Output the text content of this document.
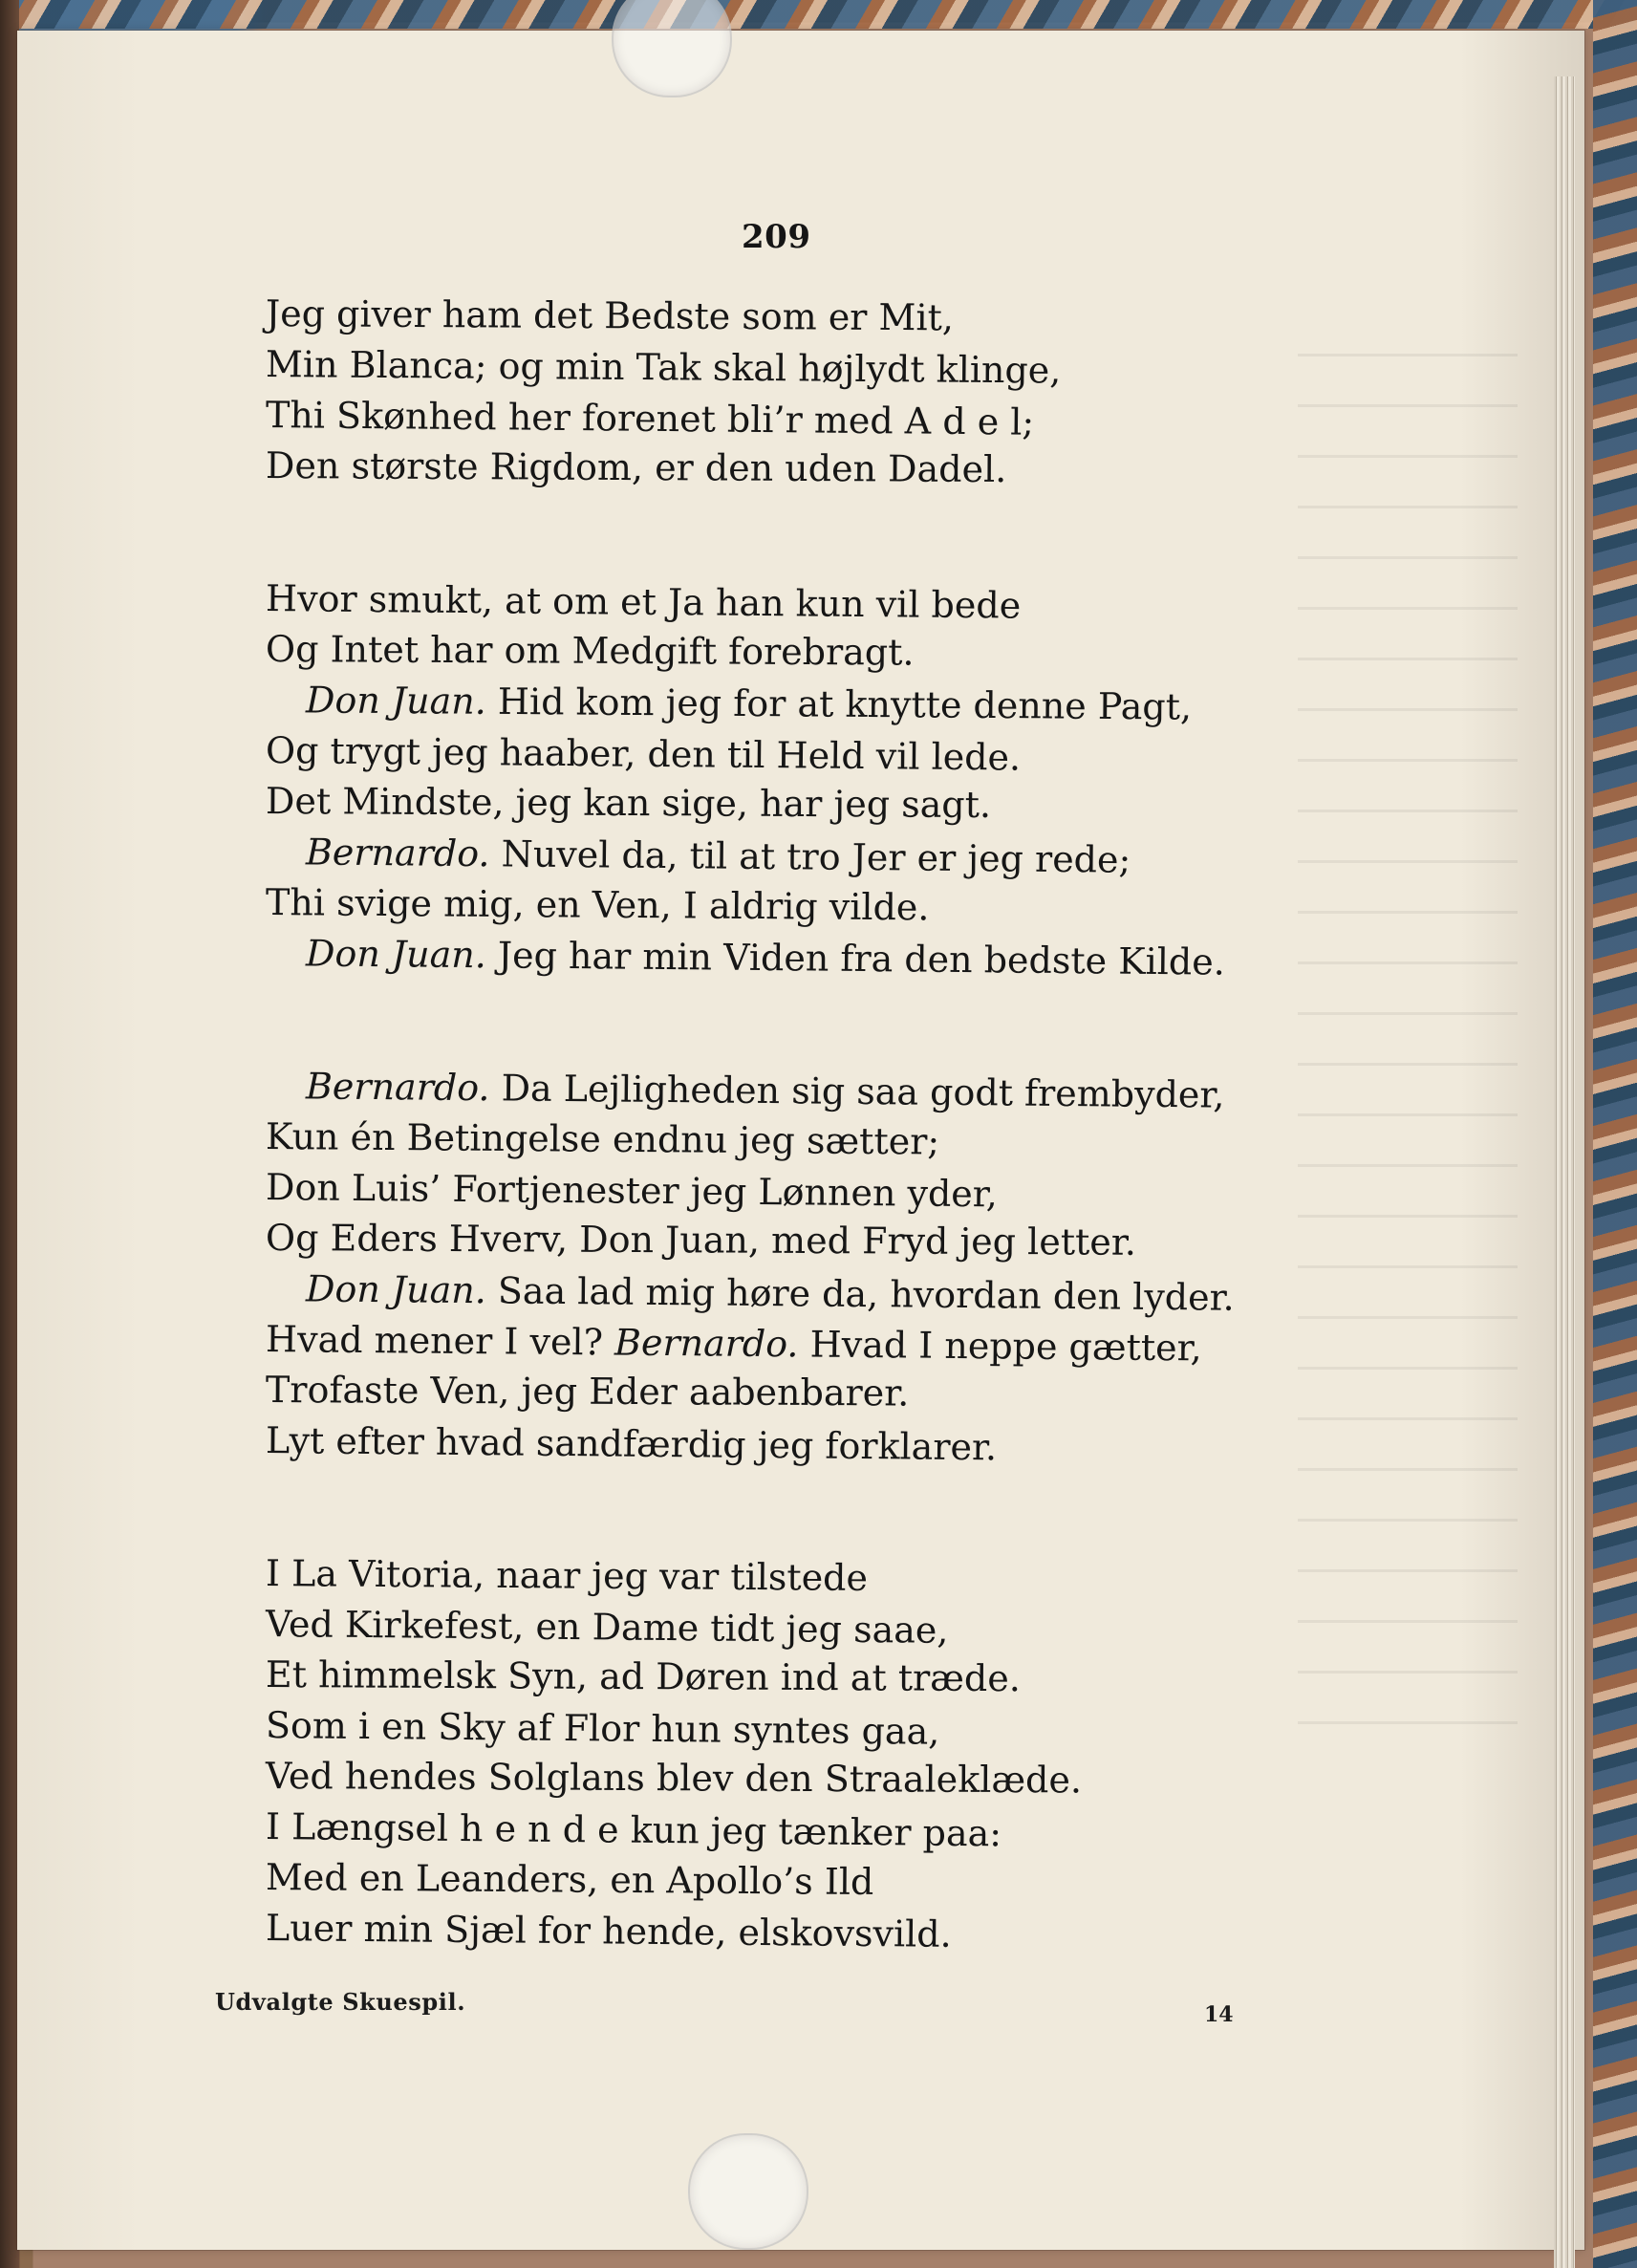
209
Jeg giver ham det Bedste som er Mit,
Min Blanca; og min Tak skal højlydt klinge,
Thi Skønhed her forenet bli’r med A d e l;
Den største Rigdom, er den uden Dadel.
Hvor smukt, at om et Ja han kun vil bede
Og Intet har om Medgift forebragt.
Don Juan. Hid kom jeg for at knytte denne Pagt,
Og trygt jeg haaber, den til Held vil lede.
Det Mindste, jeg kan sige, har jeg sagt.
Bernardo. Nuvel da, til at tro Jer er jeg rede;
Thi svige mig, en Ven, I aldrig vilde.
Don Juan. Jeg har min Viden fra den bedste Kilde.
Bernardo. Da Lejligheden sig saa godt frembyder,
Kun én Betingelse endnu jeg sætter;
Don Luis’ Fortjenester jeg Lønnen yder,
Og Eders Hverv, Don Juan, med Fryd jeg letter.
Don Juan. Saa lad mig høre da, hvordan den lyder.
Hvad mener I vel? Bernardo. Hvad I neppe gætter,
Trofaste Ven, jeg Eder aabenbarer.
Lyt efter hvad sandfærdig jeg forklarer.
I La Vitoria, naar jeg var tilstede
Ved Kirkefest, en Dame tidt jeg saae,
Et himmelsk Syn, ad Døren ind at træde.
Som i en Sky af Flor hun syntes gaa,
Ved hendes Solglans blev den Straaleklæde.
I Længsel h e n d e kun jeg tænker paa:
Med en Leanders, en Apollo’s Ild
Luer min Sjæl for hende, elskovsvild.
Udvalgte Skuespil.	14
